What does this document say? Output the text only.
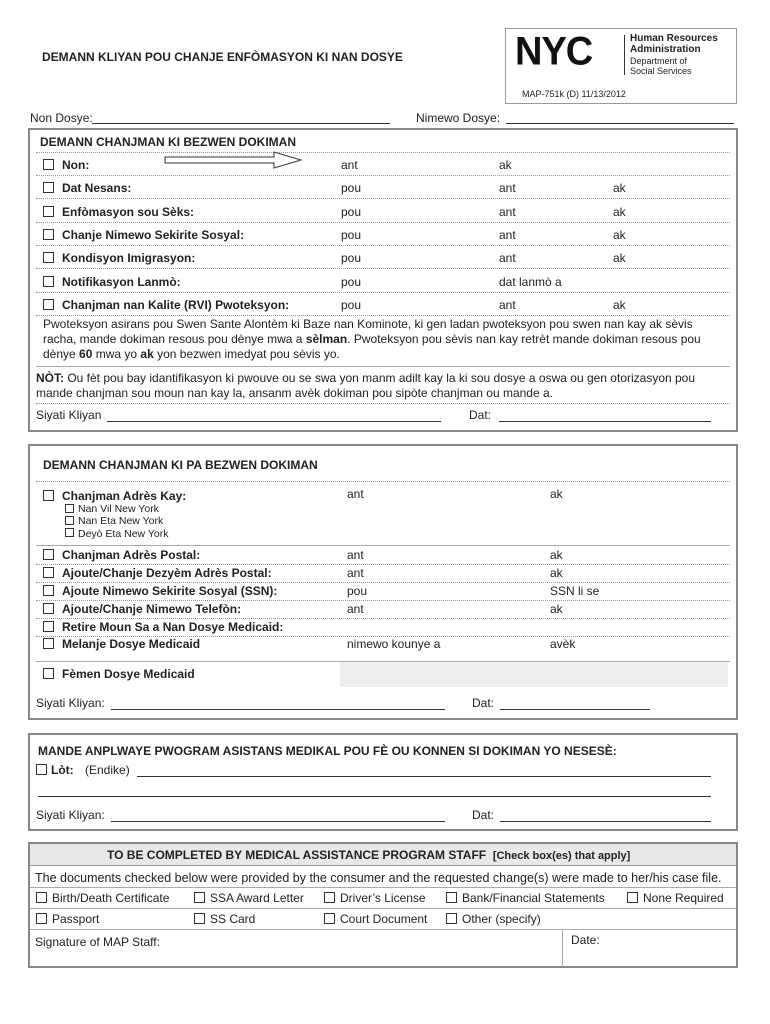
DEMANN KLIYAN POU CHANJE ENFÒMASYON KI NAN DOSYE	NYC	Human Resources
Administration
Department of
Social Services
MAP-751k (D) 11/13/2012
Non Dosye:	Nimewo Dosye:
DEMANN CHANJMAN KI BEZWEN DOKIMAN
Non:	ant	ak
Dat Nesans:	pou	ant	ak
Enfòmasyon sou Sèks:	pou	ant	ak
Chanje Nimewo Sekirite Sosyal:	pou	ant	ak
Kondisyon Imigrasyon:	pou	ant	ak
Notifikasyon Lanmò:	pou	dat lanmò a
Chanjman nan Kalite (RVI) Pwoteksyon:	pou	ant	ak
Pwoteksyon asirans pou Swen Sante Alontèm ki Baze nan Kominote, ki gen ladan pwoteksyon pou swen nan kay ak sèvis racha, mande dokiman resous pou dènye mwa a sèlman. Pwoteksyon pou sèvis nan kay retrèt mande dokiman resous pou dènye 60 mwa yo ak yon bezwen imedyat pou sèvis yo.
NÒT: Ou fèt pou bay idantifikasyon ki pwouve ou se swa yon manm adilt kay la ki sou dosye a oswa ou gen otorizasyon pou mande chanjman sou moun nan kay la, ansanm avèk dokiman pou sipòte chanjman ou mande a.
Siyati Kliyan	Dat:
DEMANN CHANJMAN KI PA BEZWEN DOKIMAN
Chanjman Adrès Kay:	ant	ak
Nan Vil New York
Nan Eta New York
Deyò Eta New York
Chanjman Adrès Postal:	ant	ak
Ajoute/Chanje Dezyèm Adrès Postal:	ant	ak
Ajoute Nimewo Sekirite Sosyal (SSN):	pou	SSN li se
Ajoute/Chanje Nimewo Telefòn:	ant	ak
Retire Moun Sa a Nan Dosye Medicaid:
Melanje Dosye Medicaid	nimewo kounye a	avèk
Fèmen Dosye Medicaid
Siyati Kliyan:	Dat:
MANDE ANPLWAYE PWOGRAM ASISTANS MEDIKAL POU FÈ OU KONNEN SI DOKIMAN YO NESESÈ:
Lòt: (Endike)
Siyati Kliyan:	Dat:
TO BE COMPLETED BY MEDICAL ASSISTANCE PROGRAM STAFF [Check box(es) that apply]
The documents checked below were provided by the consumer and the requested change(s) were made to her/his case file.
Birth/Death Certificate	SSA Award Letter	Driver’s License	Bank/Financial Statements	None Required
Passport	SS Card	Court Document	Other (specify)
Signature of MAP Staff:	Date:
